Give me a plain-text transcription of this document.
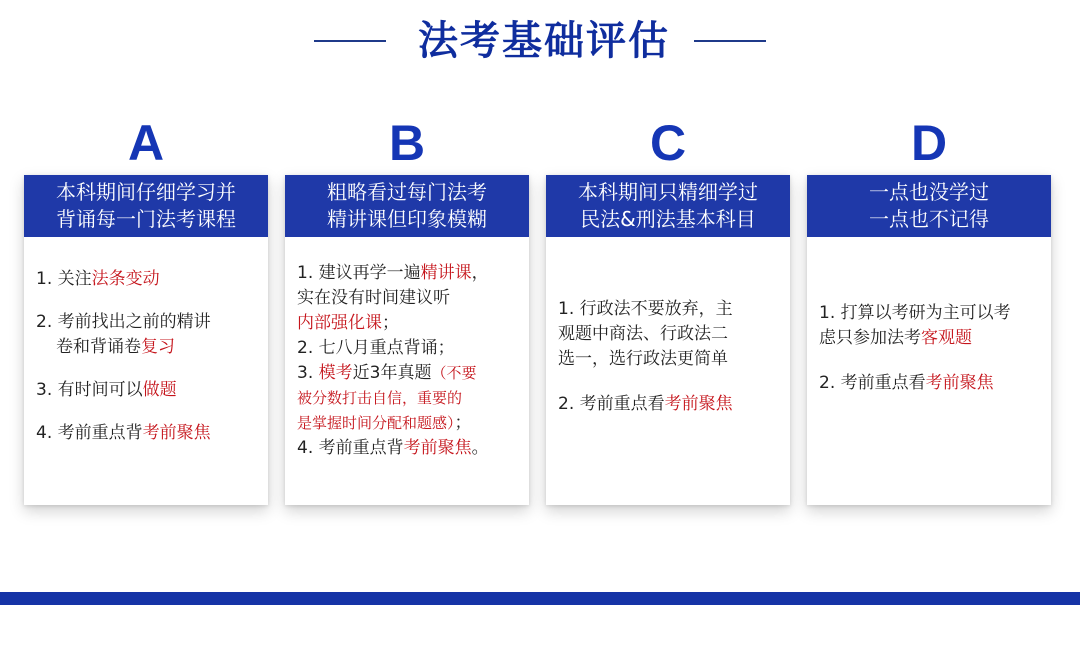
法考基础评估
A	B	C	D
本科期间仔细学习并
背诵每一门法考课程
1. 关注法条变动
2. 考前找出之前的精讲
卷和背诵卷复习
3. 有时间可以做题
4. 考前重点背考前聚焦
粗略看过每门法考
精讲课但印象模糊
1. 建议再学一遍精讲课，
实在没有时间建议听
内部强化课；
2. 七八月重点背诵；
3. 模考近3年真题（不要
被分数打击自信，重要的
是掌握时间分配和题感）；
4. 考前重点背考前聚焦。
本科期间只精细学过
民法&刑法基本科目
1. 行政法不要放弃，主
观题中商法、行政法二
选一，选行政法更简单
2. 考前重点看考前聚焦
一点也没学过
一点也不记得
1. 打算以考研为主可以考
虑只参加法考客观题
2. 考前重点看考前聚焦
